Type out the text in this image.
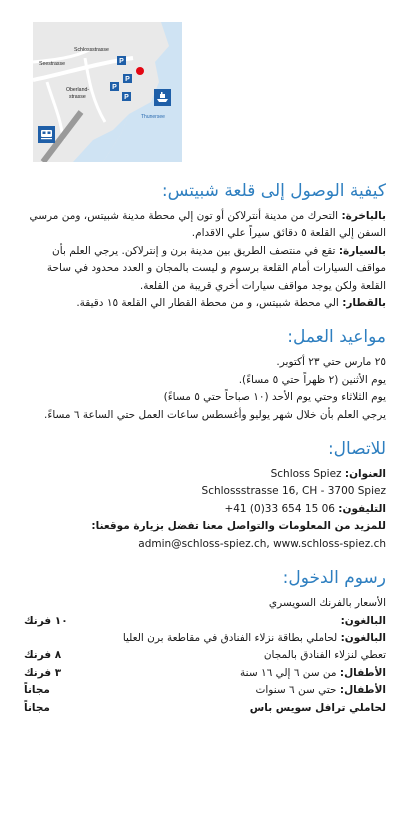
Schlossstrasse
Seestrasse
Oberland-
strasse
Thunersee
P
P
P
P
كيفية الوصول إلى قلعة شبيتس:

بالباخرة: التحرك من مدينة أنترلاكن أو تون إلي محطة مدينة شبيتس، ومن مرسي السفن إلي القلعة ٥ دقائق سيراً علي الاقدام.

بالسيارة: تقع في منتصف الطريق بين مدينة برن و إنترلاكن. يرجي العلم بأن مواقف السيارات أمام القلعة برسوم و ليست بالمجان و العدد محدود في ساحة القلعة ولكن يوجد مواقف سيارات أخري قريبة من القلعة.

بالقطار: الي محطة شبيتس، و من محطة القطار الي القلعة ١٥ دقيقة.

مواعيد العمل:

٢٥ مارس حتي ٢٣ أكتوبر.

يوم الأثنين (٢ ظهراً حتي ٥ مساءً).

يوم الثلاثاء وحتي يوم الأحد (١٠ صباحاً حتي ٥ مساءً)

يرجي العلم بأن خلال شهر يوليو وأغسطس ساعات العمل حتي الساعة ٦ مساءً.

للاتصال:

العنوان: Schloss Spiez

Schlossstrasse 16, CH - 3700 Spiez

التليفون: +41 (0)33 654 15 06

للمزيد من المعلومات والتواصل معنا تفضل بزيارة موقعنا:

admin@schloss-spiez.ch, www.schloss-spiez.ch

رسوم الدخول:

الأسعار بالفرنك السويسري

البالغون:
١٠ فرنك
البالغون: لحاملي بطاقة نزلاء الفنادق في مقاطعة برن العليا
تعطي لنزلاء الفنادق بالمجان
٨ فرنك
الأطفال: من سن ٦ إلي ١٦ سنة
٣ فرنك
الأطفال: حتي سن ٦ سنوات
مجاناً
لحاملي ترافل سويس باس
مجاناً
